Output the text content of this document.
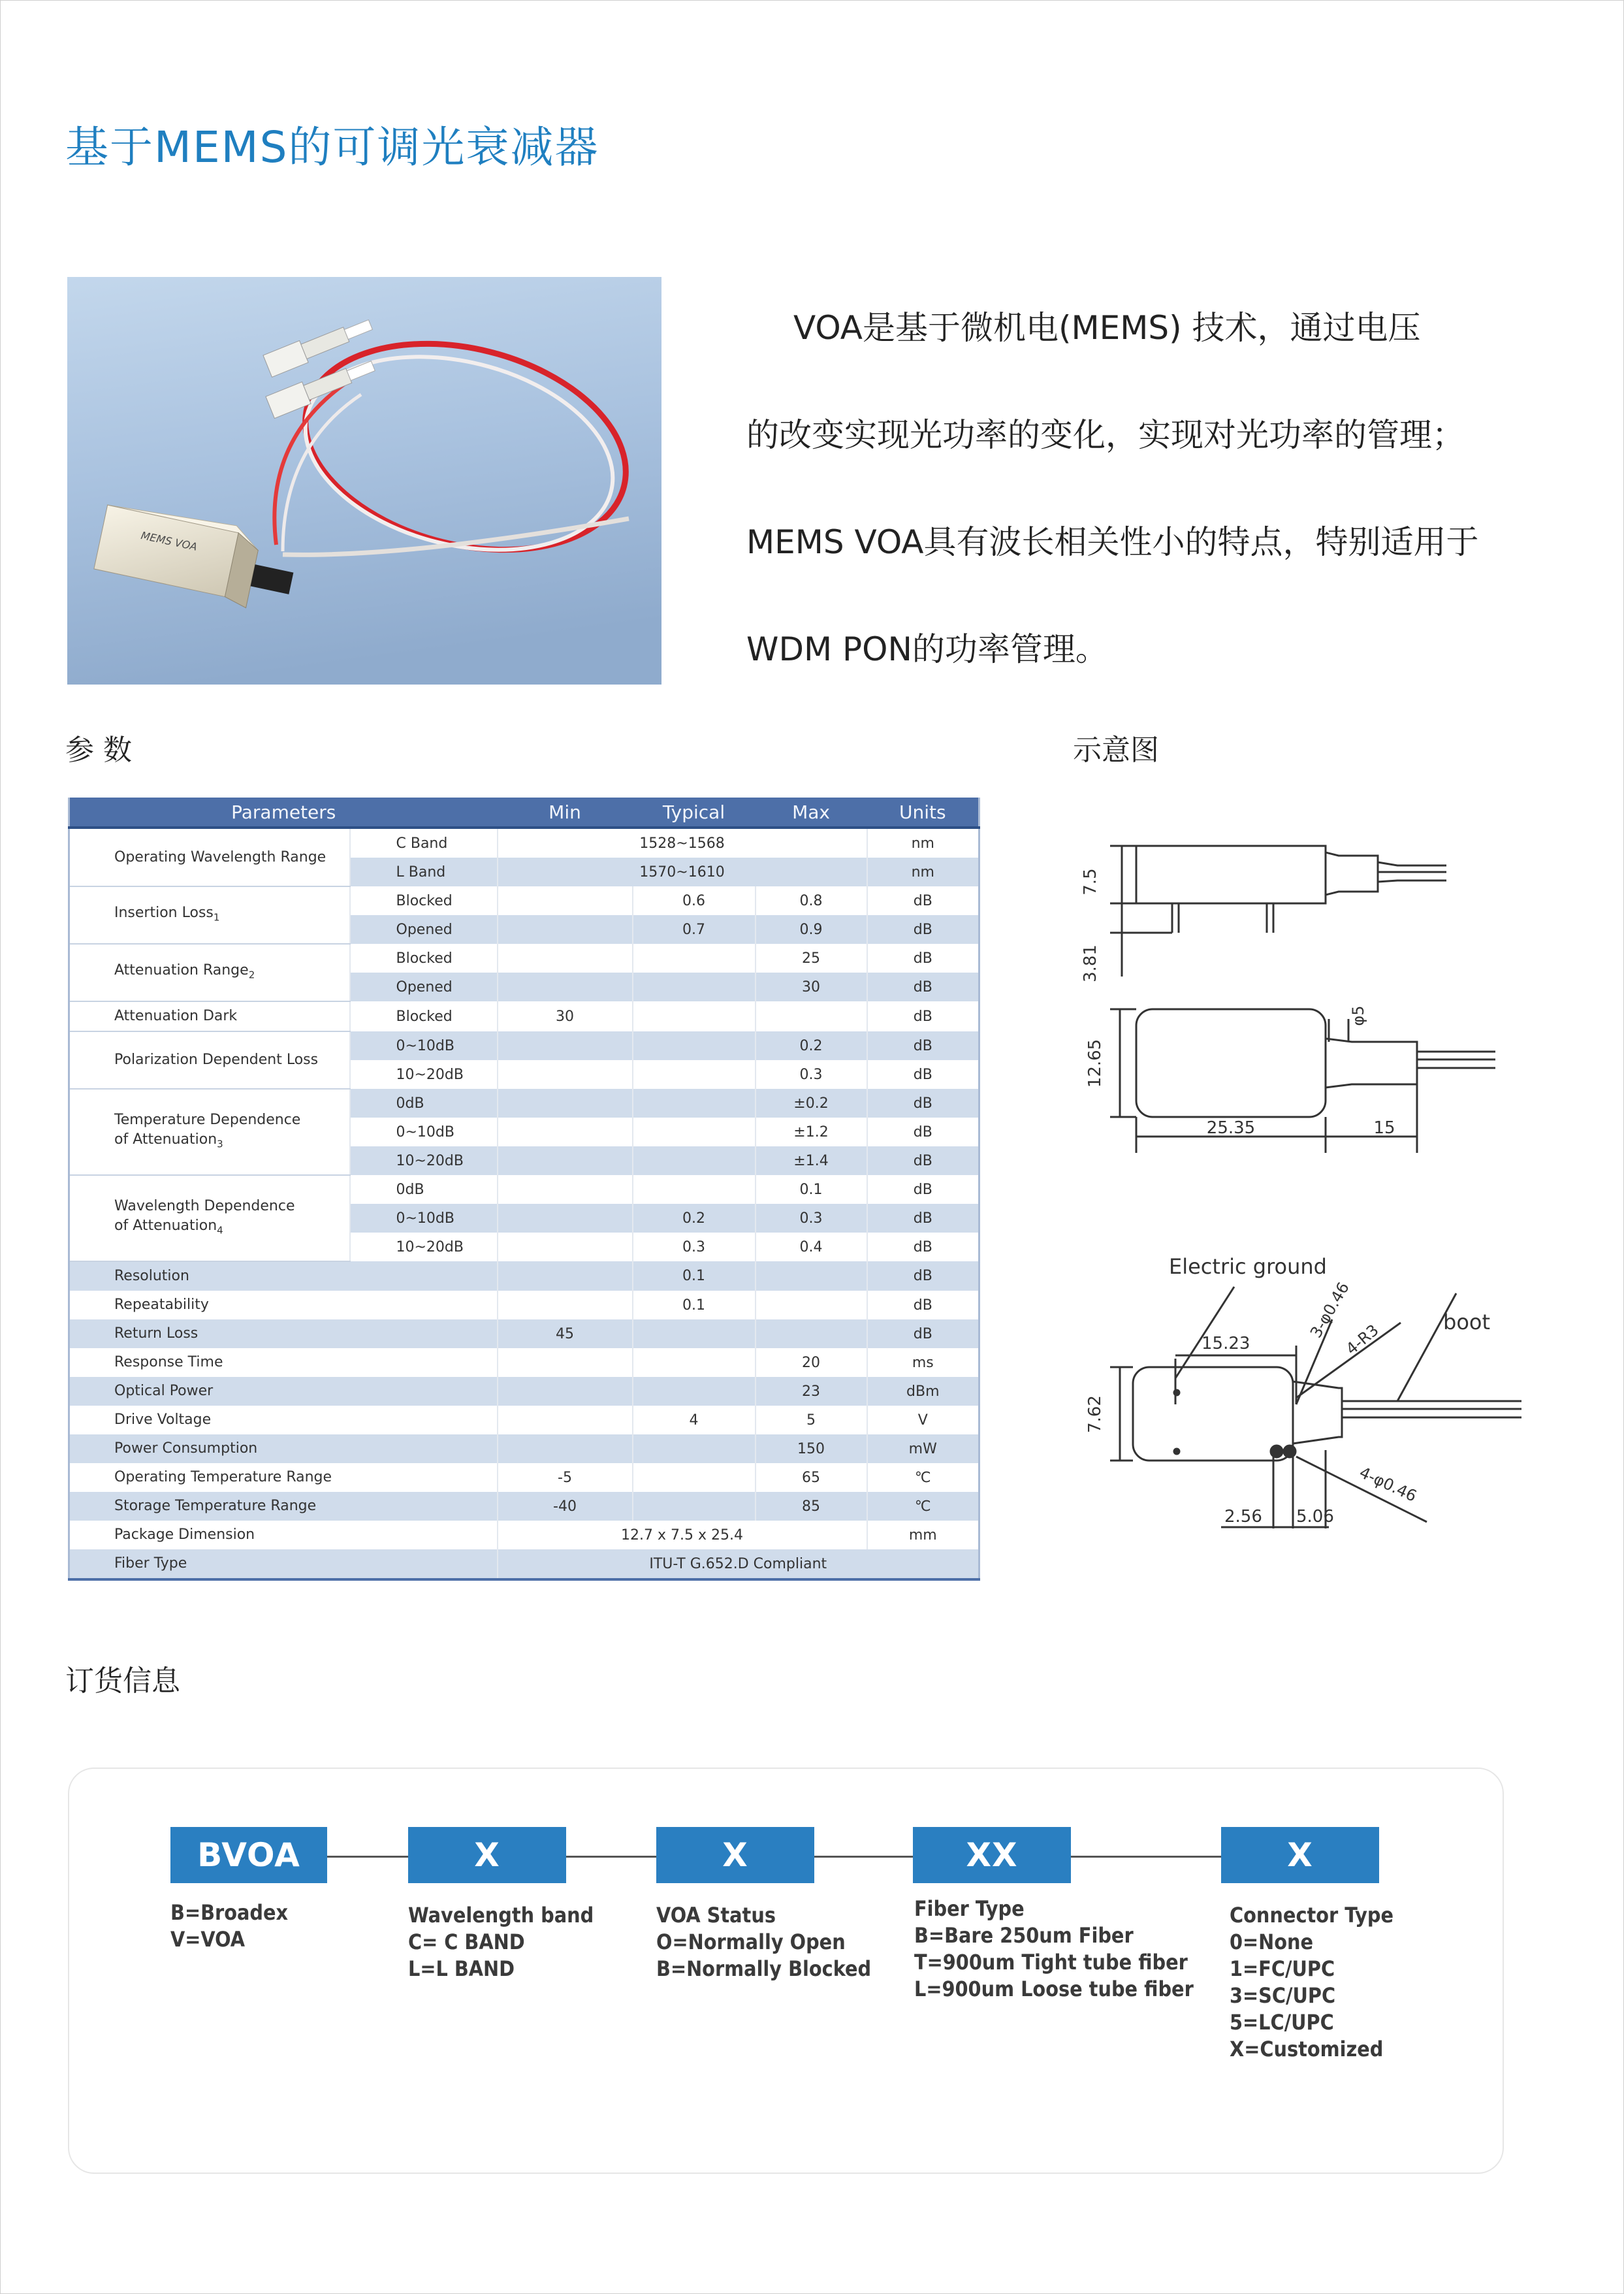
基于MEMS的可调光衰减器
MEMS VOA

VOA是基于微机电(MEMS) 技术，通过电压

的改变实现光功率的变化，实现对光功率的管理；

MEMS VOA具有波长相关性小的特点，特别适用于

WDM PON的功率管理。

参 数	示意图
订货信息
Parameters		Min	Typical	Max	Units
Operating Wavelength Range	C Band	1528~1568			nm
	L Band	1570~1610			nm
Insertion Loss$_1$	Blocked		0.6	0.8	dB
	Opened		0.7	0.9	dB
Attenuation Range$_2$	Blocked			25	dB
	Opened			30	dB
Attenuation Dark	Blocked	30			dB
Polarization Dependent Loss	0~10dB			0.2	dB
	10~20dB			0.3	dB
Temperature Dependence
of Attenuation$_3$	0dB			±0.2	dB
	0~10dB			±1.2	dB
	10~20dB			±1.4	dB
Wavelength Dependence
of Attenuation$_4$	0dB			0.1	dB
	0~10dB		0.2	0.3	dB
	10~20dB		0.3	0.4	dB
Resolution			0.1		dB
Repeatability			0.1		dB
Return Loss		45			dB
Response Time				20	ms
Optical Power				23	dBm
Drive Voltage			4	5	V
Power Consumption				150	mW
Operating Temperature Range		-5		65	℃
Storage Temperature Range		-40		85	℃
Package Dimension		12.7 x 7.5 x 25.4			mm
Fiber Type		ITU-T G.652.D Compliant			
7.5
3.81
12.65
φ5
25.35	15
Electric ground
boot
15.23
3-φ0.46
4-R3
7.62
4-φ0.46
2.56 5.06
BVOA	X	X	XX	X
B=Broadex
V=VOA
Wavelength band
C= C BAND
L=L BAND
VOA Status
O=Normally Open
B=Normally Blocked
Fiber Type
B=Bare 250um Fiber
T=900um Tight tube fiber
L=900um Loose tube fiber
Connector Type
0=None
1=FC/UPC
3=SC/UPC
5=LC/UPC
X=Customized
